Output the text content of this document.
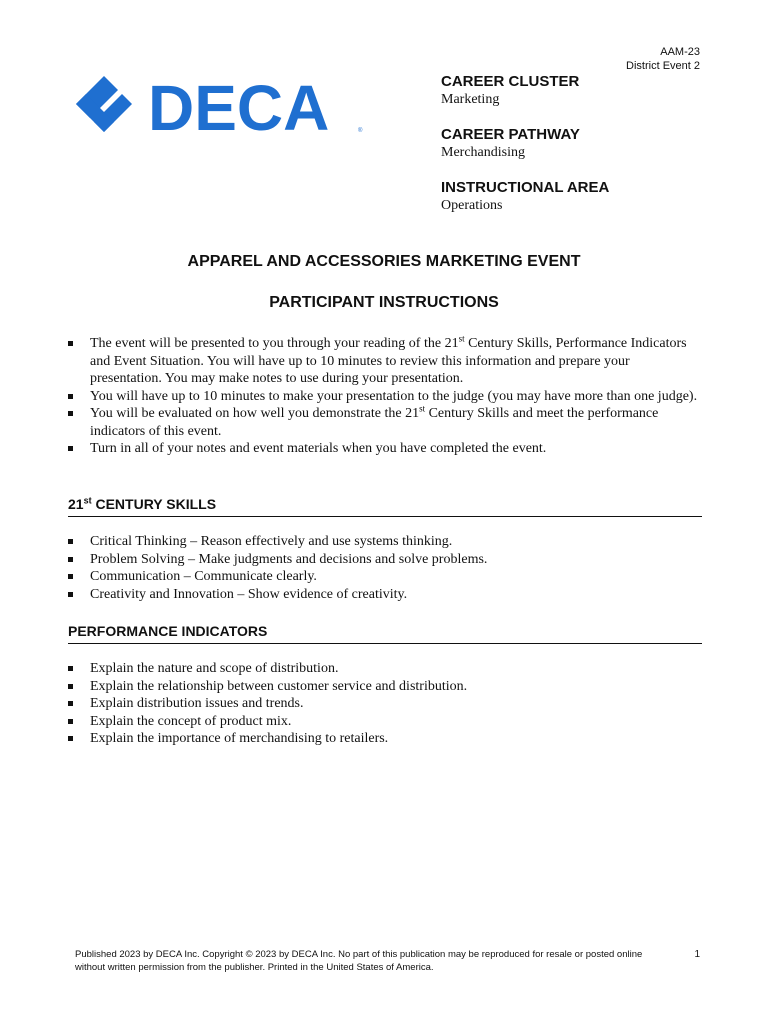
AAM-23
District Event 2
DECA	®
CAREER CLUSTER
Marketing
CAREER PATHWAY
Merchandising
INSTRUCTIONAL AREA
Operations
APPAREL AND ACCESSORIES MARKETING EVENT
PARTICIPANT INSTRUCTIONS
The event will be presented to you through your reading of the 21st Century Skills, Performance Indicators and Event Situation. You will have up to 10 minutes to review this information and prepare your presentation. You may make notes to use during your presentation.
You will have up to 10 minutes to make your presentation to the judge (you may have more than one judge).
You will be evaluated on how well you demonstrate the 21st Century Skills and meet the performance indicators of this event.
Turn in all of your notes and event materials when you have completed the event.
21st CENTURY SKILLS
Critical Thinking – Reason effectively and use systems thinking.
Problem Solving – Make judgments and decisions and solve problems.
Communication – Communicate clearly.
Creativity and Innovation – Show evidence of creativity.
PERFORMANCE INDICATORS
Explain the nature and scope of distribution.
Explain the relationship between customer service and distribution.
Explain distribution issues and trends.
Explain the concept of product mix.
Explain the importance of merchandising to retailers.
Published 2023 by DECA Inc. Copyright © 2023 by DECA Inc. No part of this publication may be reproduced for resale or posted online without written permission from the publisher. Printed in the United States of America.
1
